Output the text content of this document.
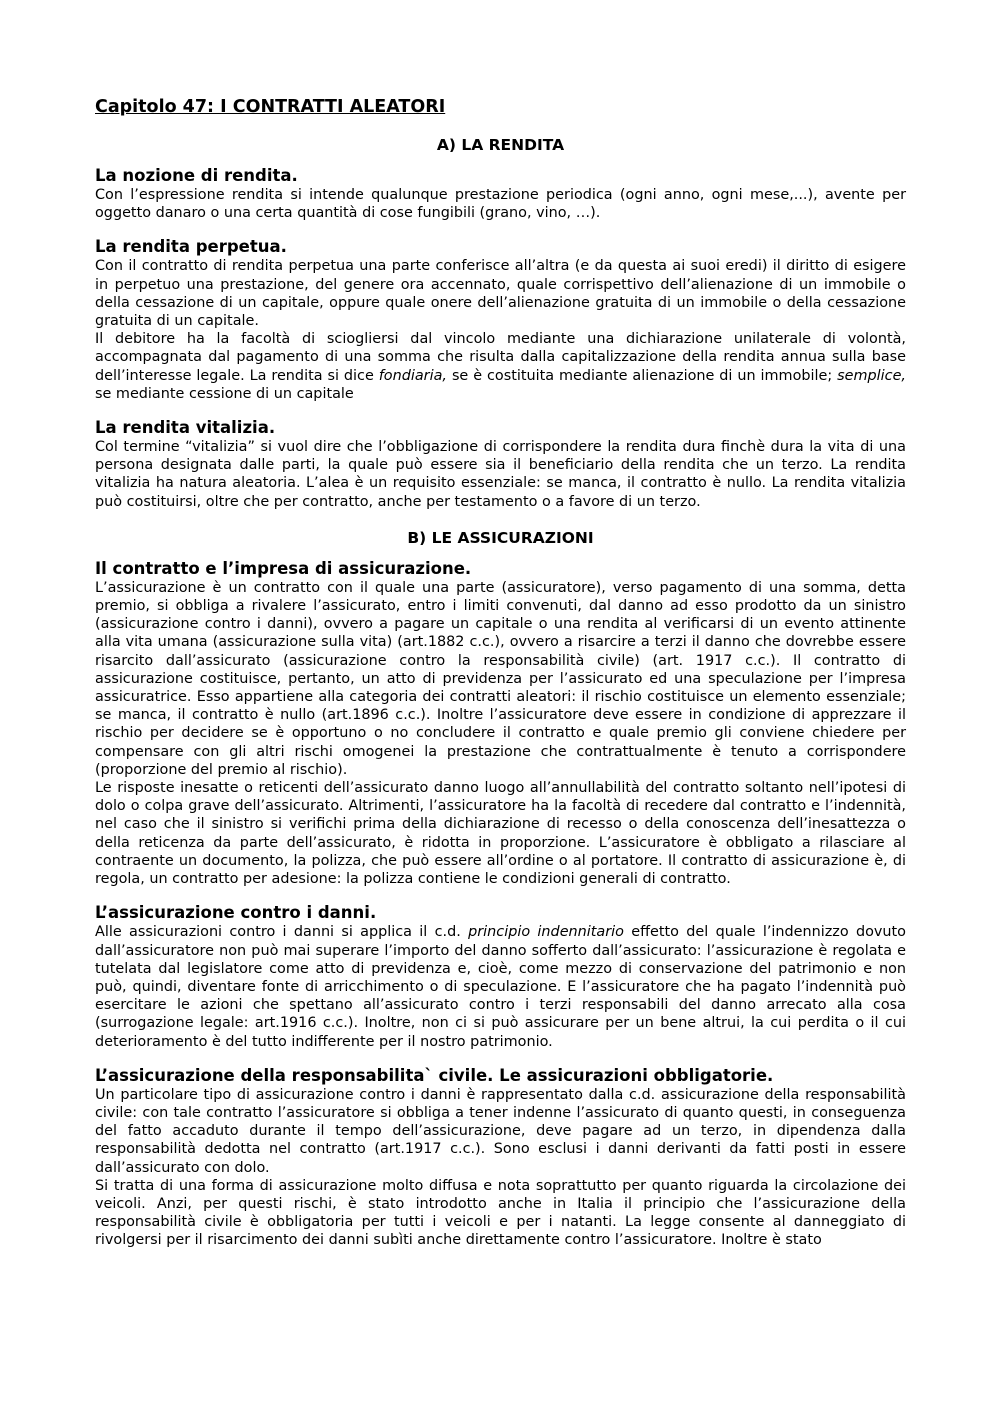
Capitolo 47: I CONTRATTI ALEATORI
A) LA RENDITA
La nozione di rendita.

Con l’espressione rendita si intende qualunque prestazione periodica (ogni anno, ogni mese,...), avente per oggetto danaro o una certa quantità di cose fungibili (grano, vino, …).

La rendita perpetua.

Con il contratto di rendita perpetua una parte conferisce all’altra (e da questa ai suoi eredi) il diritto di esigere in perpetuo una prestazione, del genere ora accennato, quale corrispettivo dell’alienazione di un immobile o della cessazione di un capitale, oppure quale onere dell’alienazione gratuita di un immobile o della cessazione gratuita di un capitale.

Il debitore ha la facoltà di sciogliersi dal vincolo mediante una dichiarazione unilaterale di volontà, accompagnata dal pagamento di una somma che risulta dalla capitalizzazione della rendita annua sulla base dell’interesse legale. La rendita si dice fondiaria, se è costituita mediante alienazione di un immobile; semplice, se mediante cessione di un capitale

La rendita vitalizia.

Col termine “vitalizia” si vuol dire che l’obbligazione di corrispondere la rendita dura finchè dura la vita di una persona designata dalle parti, la quale può essere sia il beneficiario della rendita che un terzo. La rendita vitalizia ha natura aleatoria. L’alea è un requisito essenziale: se manca, il contratto è nullo. La rendita vitalizia può costituirsi, oltre che per contratto, anche per testamento o a favore di un terzo.

B) LE ASSICURAZIONI
Il contratto e l’impresa di assicurazione.

L’assicurazione è un contratto con il quale una parte (assicuratore), verso pagamento di una somma, detta premio, si obbliga a rivalere l’assicurato, entro i limiti convenuti, dal danno ad esso prodotto da un sinistro (assicurazione contro i danni), ovvero a pagare un capitale o una rendita al verificarsi di un evento attinente alla vita umana (assicurazione sulla vita) (art.1882 c.c.), ovvero a risarcire a terzi il danno che dovrebbe essere risarcito dall’assicurato (assicurazione contro la responsabilità civile) (art. 1917 c.c.). Il contratto di assicurazione costituisce, pertanto, un atto di previdenza per l’assicurato ed una speculazione per l’impresa assicuratrice. Esso appartiene alla categoria dei contratti aleatori: il rischio costituisce un elemento essenziale; se manca, il contratto è nullo (art.1896 c.c.). Inoltre l’assicuratore deve essere in condizione di apprezzare il rischio per decidere se è opportuno o no concludere il contratto e quale premio gli conviene chiedere per compensare con gli altri rischi omogenei la prestazione che contrattualmente è tenuto a corrispondere (proporzione del premio al rischio).

Le risposte inesatte o reticenti dell’assicurato danno luogo all’annullabilità del contratto soltanto nell’ipotesi di dolo o colpa grave dell’assicurato. Altrimenti, l’assicuratore ha la facoltà di recedere dal contratto e l’indennità, nel caso che il sinistro si verifichi prima della dichiarazione di recesso o della conoscenza dell’inesattezza o della reticenza da parte dell’assicurato, è ridotta in proporzione. L’assicuratore è obbligato a rilasciare al contraente un documento, la polizza, che può essere all’ordine o al portatore. Il contratto di assicurazione è, di regola, un contratto per adesione: la polizza contiene le condizioni generali di contratto.

L’assicurazione contro i danni.

Alle assicurazioni contro i danni si applica il c.d. principio indennitario effetto del quale l’indennizzo dovuto dall’assicuratore non può mai superare l’importo del danno sofferto dall’assicurato: l’assicurazione è regolata e tutelata dal legislatore come atto di previdenza e, cioè, come mezzo di conservazione del patrimonio e non può, quindi, diventare fonte di arricchimento o di speculazione. E l’assicuratore che ha pagato l’indennità può esercitare le azioni che spettano all’assicurato contro i terzi responsabili del danno arrecato alla cosa (surrogazione legale: art.1916 c.c.). Inoltre, non ci si può assicurare per un bene altrui, la cui perdita o il cui deterioramento è del tutto indifferente per il nostro patrimonio.

L’assicurazione della responsabilita` civile. Le assicurazioni obbligatorie.

Un particolare tipo di assicurazione contro i danni è rappresentato dalla c.d. assicurazione della responsabilità civile: con tale contratto l’assicuratore si obbliga a tener indenne l’assicurato di quanto questi, in conseguenza del fatto accaduto durante il tempo dell’assicurazione, deve pagare ad un terzo, in dipendenza dalla responsabilità dedotta nel contratto (art.1917 c.c.). Sono esclusi i danni derivanti da fatti posti in essere dall’assicurato con dolo.

Si tratta di una forma di assicurazione molto diffusa e nota soprattutto per quanto riguarda la circolazione dei veicoli. Anzi, per questi rischi, è stato introdotto anche in Italia il principio che l’assicurazione della responsabilità civile è obbligatoria per tutti i veicoli e per i natanti. La legge consente al danneggiato di rivolgersi per il risarcimento dei danni subìti anche direttamente contro l’assicuratore. Inoltre è stato
